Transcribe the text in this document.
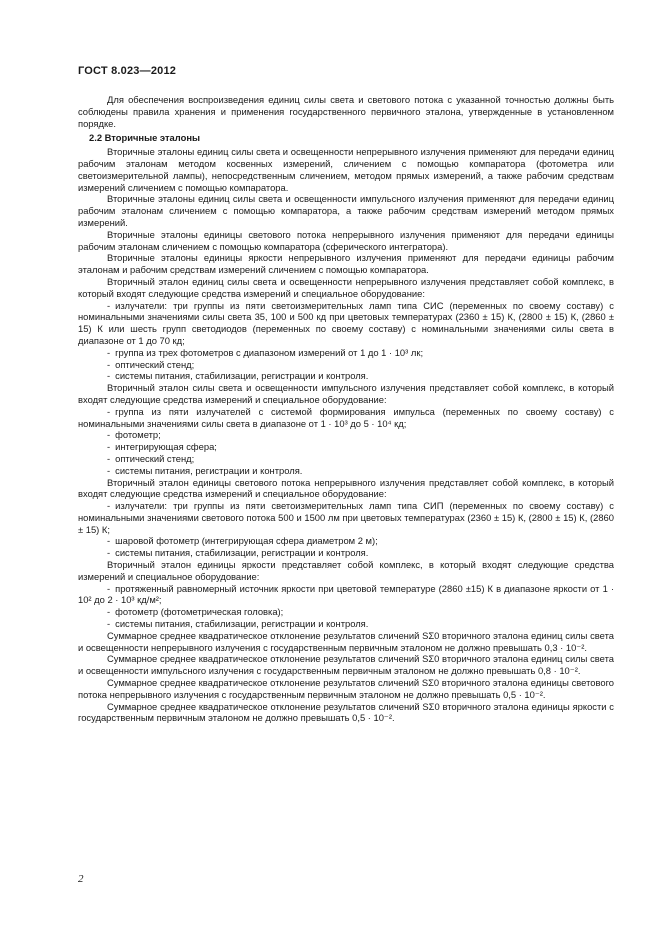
ГОСТ 8.023—2012

Для обеспечения воспроизведения единиц силы света и светового потока с указанной точностью должны быть соблюдены правила хранения и применения государственного первичного эталона, утвержденные в установленном порядке.

2.2 Вторичные эталоны

Вторичные эталоны единиц силы света и освещенности непрерывного излучения применяют для передачи единиц рабочим эталонам методом косвенных измерений, сличением с помощью компаратора (фотометра или светоизмерительной лампы), непосредственным сличением, методом прямых измерений, а также рабочим средствам измерений сличением с помощью компаратора.

Вторичные эталоны единиц силы света и освещенности импульсного излучения применяют для передачи единиц рабочим эталонам сличением с помощью компаратора, а также рабочим средствам измерений методом прямых измерений.

Вторичные эталоны единицы светового потока непрерывного излучения применяют для передачи единицы рабочим эталонам сличением с помощью компаратора (сферического интегратора).

Вторичные эталоны единицы яркости непрерывного излучения применяют для передачи единицы рабочим эталонам и рабочим средствам измерений сличением с помощью компаратора.

Вторичный эталон единиц силы света и освещенности непрерывного излучения представляет собой комплекс, в который входят следующие средства измерений и специальное оборудование:

- излучатели: три группы из пяти светоизмерительных ламп типа СИС (переменных по своему составу) с номинальными значениями силы света 35, 100 и 500 кд при цветовых температурах (2360 ± 15) К, (2800 ± 15) К, (2860 ± 15) К или шесть групп светодиодов (переменных по своему составу) с номинальными значениями силы света в диапазоне от 1 до 70 кд;

- группа из трех фотометров с диапазоном измерений от 1 до 1 · 10³ лк;

- оптический стенд;

- системы питания, стабилизации, регистрации и контроля.

Вторичный эталон силы света и освещенности импульсного излучения представляет собой комплекс, в который входят следующие средства измерений и специальное оборудование:

- группа из пяти излучателей с системой формирования импульса (переменных по своему составу) с номинальными значениями силы света в диапазоне от 1 · 10³ до 5 · 10⁴ кд;

- фотометр;

- интегрирующая сфера;

- оптический стенд;

- системы питания, регистрации и контроля.

Вторичный эталон единицы светового потока непрерывного излучения представляет собой комплекс, в который входят следующие средства измерений и специальное оборудование:

- излучатели: три группы из пяти светоизмерительных ламп типа СИП (переменных по своему составу) с номинальными значениями светового потока 500 и 1500 лм при цветовых температурах (2360 ± 15) К, (2800 ± 15) К, (2860 ± 15) К;

- шаровой фотометр (интегрирующая сфера диаметром 2 м);

- системы питания, стабилизации, регистрации и контроля.

Вторичный эталон единицы яркости представляет собой комплекс, в который входят следующие средства измерений и специальное оборудование:

- протяженный равномерный источник яркости при цветовой температуре (2860 ±15) К в диапазоне яркости от 1 · 10² до 2 · 10³ кд/м²;

- фотометр (фотометрическая головка);

- системы питания, стабилизации, регистрации и контроля.

Суммарное среднее квадратическое отклонение результатов сличений SΣ0 вторичного эталона единиц силы света и освещенности непрерывного излучения с государственным первичным эталоном не должно превышать 0,3 · 10⁻².

Суммарное среднее квадратическое отклонение результатов сличений SΣ0 вторичного эталона единиц силы света и освещенности импульсного излучения с государственным первичным эталоном не должно превышать 0,8 · 10⁻².

Суммарное среднее квадратическое отклонение результатов сличений SΣ0 вторичного эталона единицы светового потока непрерывного излучения с государственным первичным эталоном не должно превышать 0,5 · 10⁻².

Суммарное среднее квадратическое отклонение результатов сличений SΣ0 вторичного эталона единицы яркости с государственным первичным эталоном не должно превышать 0,5 · 10⁻².

2
